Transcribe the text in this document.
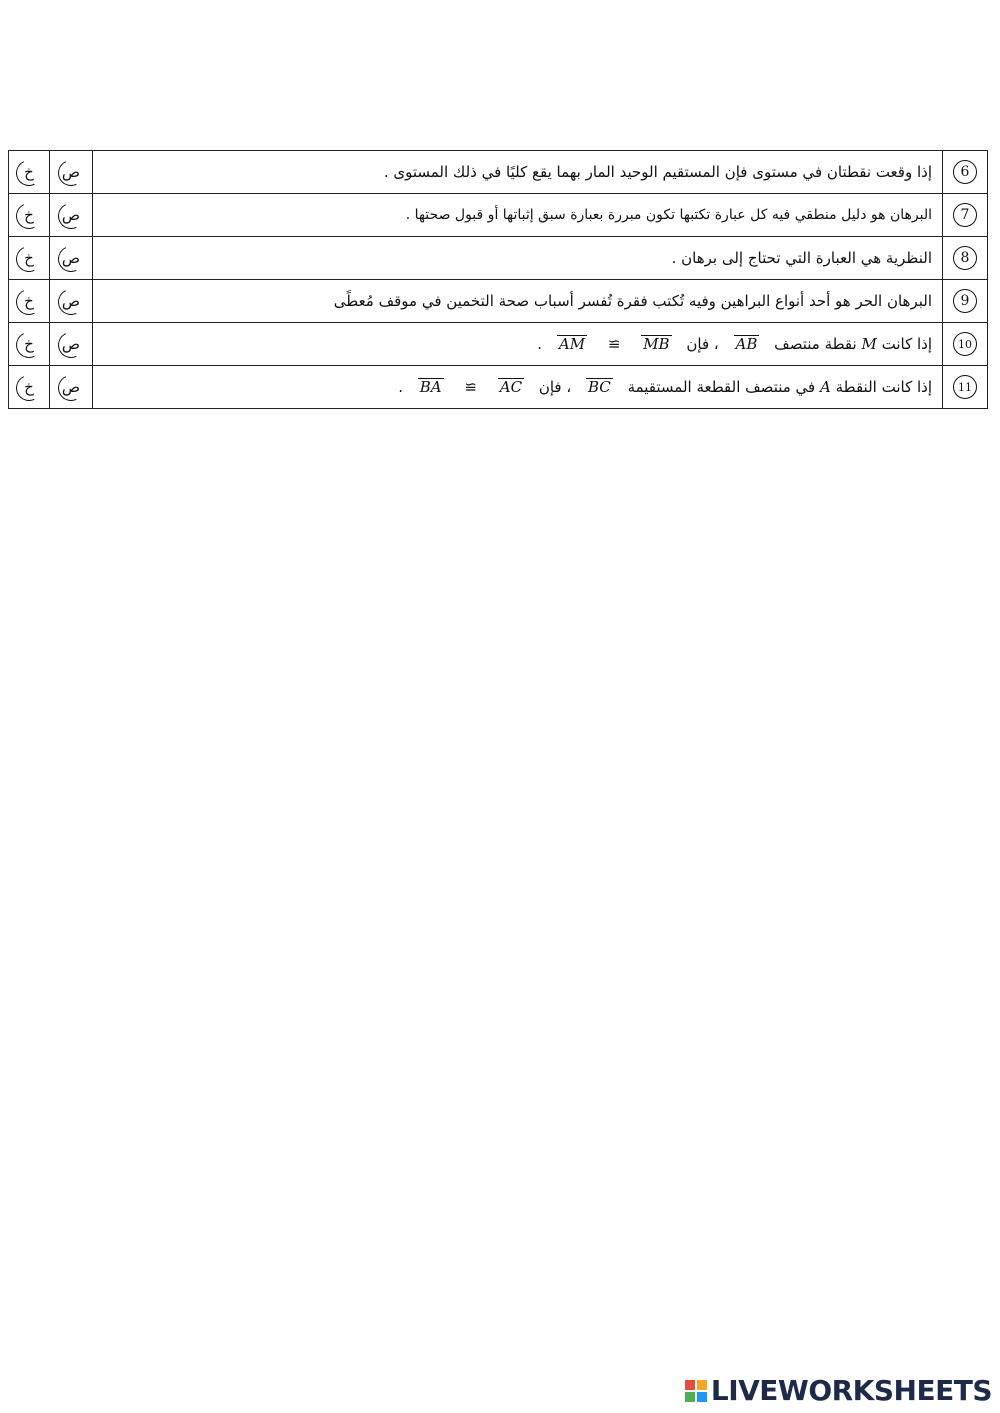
خ	ص	إذا وقعت نقطتان في مستوى فإن المستقيم الوحيد المار بهما يقع كليًا في ذلك المستوى .	6

خ	ص	البرهان هو دليل منطقي فيه كل عبارة تكتبها تكون مبررة بعبارة سبق إثباتها أو قبول صحتها .	7

خ	ص	النظرية هي العبارة التي تحتاج إلى برهان .	8

خ	ص	البرهان الحر هو أحد أنواع البراهين وفيه تُكتب فقرة تُفسر أسباب صحة التخمين في موقف مُعطًى	9

خ	ص	إذا كانت M نقطة منتصف AB ، فإن MB ≅ AM .	10

خ	ص	إذا كانت النقطة A في منتصف القطعة المستقيمة BC ، فإن AC ≅ BA .	11
LIVEWORKSHEETS
